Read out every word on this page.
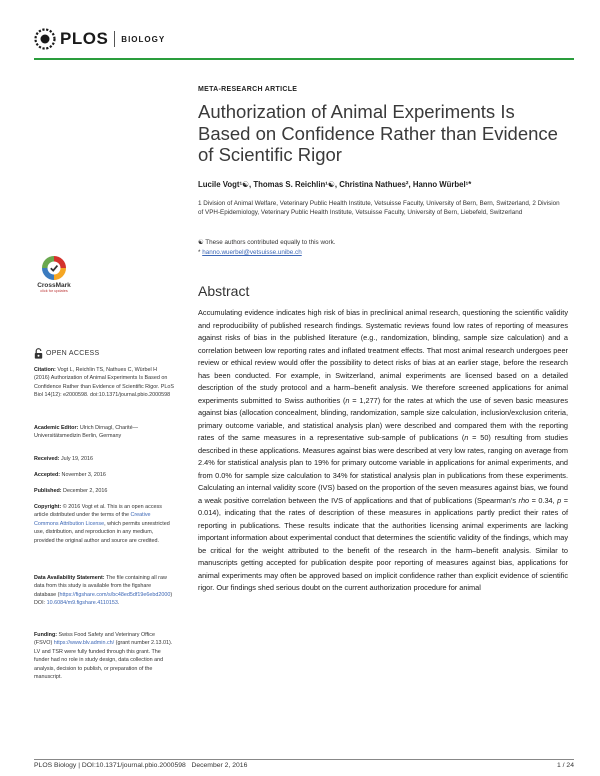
PLOS BIOLOGY
META-RESEARCH ARTICLE
Authorization of Animal Experiments Is Based on Confidence Rather than Evidence of Scientific Rigor
Lucile Vogt¹☯, Thomas S. Reichlin¹☯, Christina Nathues², Hanno Würbel¹*
1 Division of Animal Welfare, Veterinary Public Health Institute, Vetsuisse Faculty, University of Bern, Bern, Switzerland, 2 Division of VPH-Epidemiology, Veterinary Public Health Institute, Vetsuisse Faculty, University of Bern, Liebefeld, Switzerland
☯ These authors contributed equally to this work.
* hanno.wuerbel@vetsuisse.unibe.ch
CrossMark
click for updates	Abstract
Accumulating evidence indicates high risk of bias in preclinical animal research, questioning the scientific validity and reproducibility of published research findings. Systematic reviews found low rates of reporting of measures against risks of bias in the published literature (e.g., randomization, blinding, sample size calculation) and a correlation between low reporting rates and inflated treatment effects. That most animal research undergoes peer review or ethical review would offer the possibility to detect risks of bias at an earlier stage, before the research has been conducted. For example, in Switzerland, animal experiments are licensed based on a detailed description of the study protocol and a harm–benefit analysis. We therefore screened applications for animal experiments submitted to Swiss authorities (n = 1,277) for the rates at which the use of seven basic measures against bias (allocation concealment, blinding, randomization, sample size calculation, inclusion/exclusion criteria, primary outcome variable, and statistical analysis plan) were described and compared them with the reporting rates of the same measures in a representative sub-sample of publications (n = 50) resulting from studies described in these applications. Measures against bias were described at very low rates, ranging on average from 2.4% for statistical analysis plan to 19% for primary outcome variable in applications for animal experiments, and from 0.0% for sample size calculation to 34% for statistical analysis plan in publications from these experiments. Calculating an internal validity score (IVS) based on the proportion of the seven measures against bias, we found a weak positive correlation between the IVS of applications and that of publications (Spearman’s rho = 0.34, p = 0.014), indicating that the rates of description of these measures in applications partly predict their rates of reporting in publications. These results indicate that the authorities licensing animal experiments are lacking important information about experimental conduct that determines the scientific validity of the findings, which may be critical for the weight attributed to the benefit of the research in the harm–benefit analysis. Similar to manuscripts getting accepted for publication despite poor reporting of measures against bias, applications for animal experiments may often be approved based on implicit confidence rather than explicit evidence of scientific rigor. Our findings shed serious doubt on the current authorization procedure for animal
OPEN ACCESS
Citation: Vogt L, Reichlin TS, Nathues C, Würbel H (2016) Authorization of Animal Experiments Is Based on Confidence Rather than Evidence of Scientific Rigor. PLoS Biol 14(12): e2000598. doi:10.1371/journal.pbio.2000598
Academic Editor: Ulrich Dirnagl, Charité—Universitätsmedizin Berlin, Germany
Received: July 19, 2016
Accepted: November 3, 2016
Published: December 2, 2016
Copyright: © 2016 Vogt et al. This is an open access article distributed under the terms of the Creative Commons Attribution License, which permits unrestricted use, distribution, and reproduction in any medium, provided the original author and source are credited.
Data Availability Statement: The file containing all raw data from this study is available from the figshare database (https://figshare.com/s/bc48ed5df19e6ebd2000) DOI: 10.6084/m9.figshare.4110153.
Funding: Swiss Food Safety and Veterinary Office (FSVO) https://www.blv.admin.ch/ (grant number 2.13.01). LV and TSR were fully funded through this grant. The funder had no role in study design, data collection and analysis, decision to publish, or preparation of the manuscript.
PLOS Biology | DOI:10.1371/journal.pbio.2000598   December 2, 2016	1 / 24
